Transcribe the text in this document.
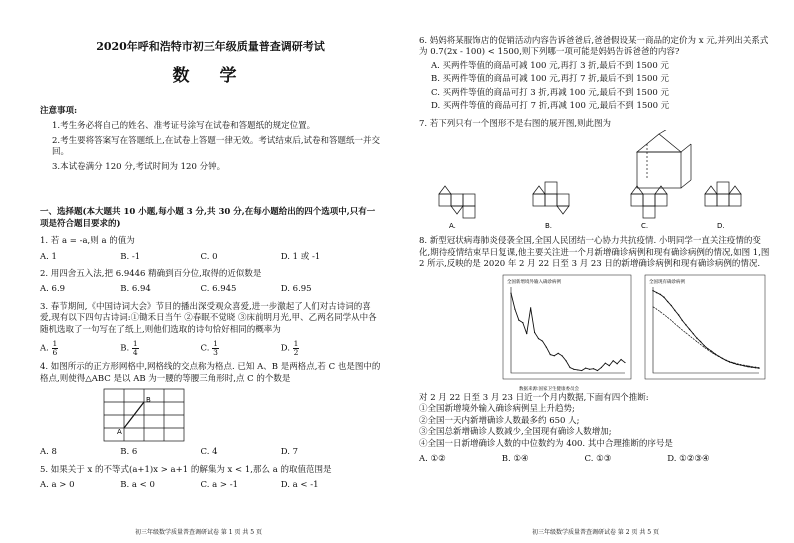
2020年呼和浩特市初三年级质量普查调研考试
数 学
注意事项:
1.考生务必将自己的姓名、准考证号涂写在试卷和答题纸的规定位置。
2.考生要将答案写在答题纸上,在试卷上答题一律无效。考试结束后,试卷和答题纸一并交回。
3.本试卷满分 120 分,考试时间为 120 分钟。
一、选择题(本大题共 10 小题,每小题 3 分,共 30 分,在每小题给出的四个选项中,只有一项是符合题目要求的)
1. 若 a = -a,则 a 的值为
A. 1	B. -1	C. 0	D. 1 或 -1
2. 用四舍五入法,把 6.9446 精确到百分位,取得的近似数是
A. 6.9	B. 6.94	C. 6.945	D. 6.95
3. 春节期间,《中国诗词大会》节目的播出深受观众喜爱,进一步激起了人们对古诗词的喜爱,现有以下四句古诗词:①锄禾日当午 ②春眠不觉晓 ③床前明月光,甲、乙两名同学从中各随机选取了一句写在了纸上,则他们选取的诗句恰好相同的概率为
A. $\frac{1}{6}$	B. $\frac{1}{4}$	C. $\frac{1}{3}$	D. $\frac{1}{2}$
4. 如图所示的正方形网格中,网格线的交点称为格点. 已知 A、B 是两格点,若 C 也是图中的格点,则使得△ABC 是以 AB 为一腰的等腰三角形时,点 C 的个数是
A
B
A. 8	B. 6	C. 4	D. 7
5. 如果关于 x 的不等式(a+1)x > a+1 的解集为 x < 1,那么 a 的取值范围是
A. a > 0	B. a < 0	C. a > -1	D. a < -1
初三年级数学质量普查调研试卷 第 1 页 共 5 页
6. 妈妈将某服饰店的促销活动内容告诉爸爸后,爸爸假设某一商品的定价为 x 元,并列出关系式为 0.7(2x - 100) < 1500,则下列哪一项可能是妈妈告诉爸爸的内容?
A. 买两件等值的商品可减 100 元,再打 3 折,最后不到 1500 元
B. 买两件等值的商品可减 100 元,再打 7 折,最后不到 1500 元
C. 买两件等值的商品可打 3 折,再减 100 元,最后不到 1500 元
D. 买两件等值的商品可打 7 折,再减 100 元,最后不到 1500 元
7. 若下列只有一个图形不是右图的展开图,则此图为
A.	B.	C.	D.
8. 新型冠状病毒肺炎侵袭全国,全国人民团结一心协力共抗疫情. 小明同学一直关注疫情的变化,期待疫情结束早日复课,他主要关注进一个月新增确诊病例和现有确诊病例的情况,如图 1,图 2 所示,反映的是 2020 年 2 月 22 日至 3 月 23 日的新增确诊病例和现有确诊病例的情况.
全国新增境外输入确诊病例	全国现有确诊病例
数据来源:国家卫生健康委员会
对 2 月 22 日至 3 月 23 日近一个月内数据,下面有四个推断:
①全国新增境外输入确诊病例呈上升趋势;
②全国一天内新增确诊人数最多约 650 人;
③全国总新增确诊人数减少,全国现有确诊人数增加;
④全国一日新增确诊人数的中位数约为 400. 其中合理推断的序号是
A. ①②	B. ①④	C. ①③	D. ①②③④
初三年级数学质量普查调研试卷 第 2 页 共 5 页
